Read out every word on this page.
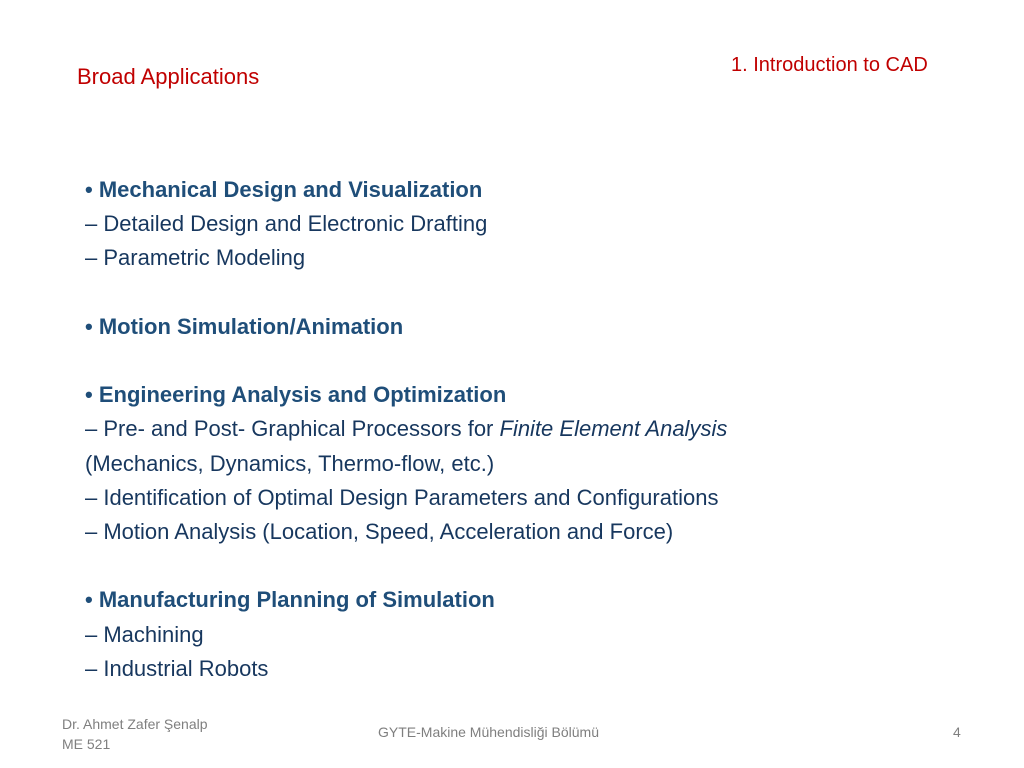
Broad Applications	1. Introduction to CAD
• Mechanical Design and Visualization
– Detailed Design and Electronic Drafting
– Parametric Modeling
• Motion Simulation/Animation
• Engineering Analysis and Optimization
– Pre- and Post- Graphical Processors for Finite Element Analysis
(Mechanics, Dynamics, Thermo-flow, etc.)
– Identification of Optimal Design Parameters and Configurations
– Motion Analysis (Location, Speed, Acceleration and Force)
• Manufacturing Planning of Simulation
– Machining
– Industrial Robots
Dr. Ahmet Zafer Şenalp
ME 521
GYTE-Makine Mühendisliği Bölümü	4
